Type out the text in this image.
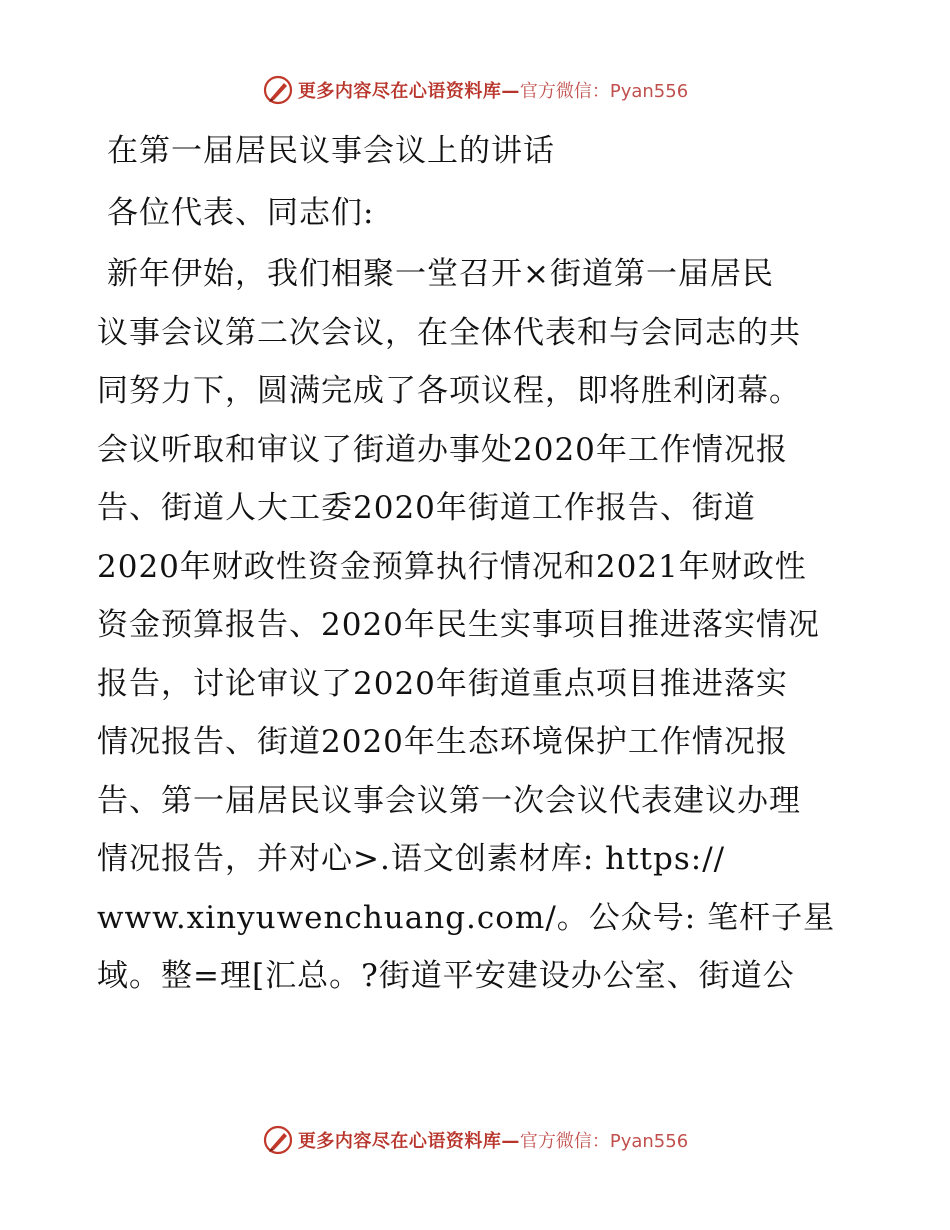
更多内容尽在心语资料库— 官方微信：Pyan556
在第一届居民议事会议上的讲话
各位代表、同志们:
新年伊始，我们相聚一堂召开×街道第一届居民
议事会议第二次会议，在全体代表和与会同志的共
同努力下，圆满完成了各项议程，即将胜利闭幕。
会议听取和审议了街道办事处2020年工作情况报
告、街道人大工委2020年街道工作报告、街道
2020年财政性资金预算执行情况和2021年财政性
资金预算报告、2020年民生实事项目推进落实情况
报告，讨论审议了2020年街道重点项目推进落实
情况报告、街道2020年生态环境保护工作情况报
告、第一届居民议事会议第一次会议代表建议办理
情况报告，并对心>.语文创素材库: https://
www.xinyuwenchuang.com/。公众号: 笔杆子星
域。整=理[汇总。?街道平安建设办公室、街道公
更多内容尽在心语资料库— 官方微信：Pyan556
